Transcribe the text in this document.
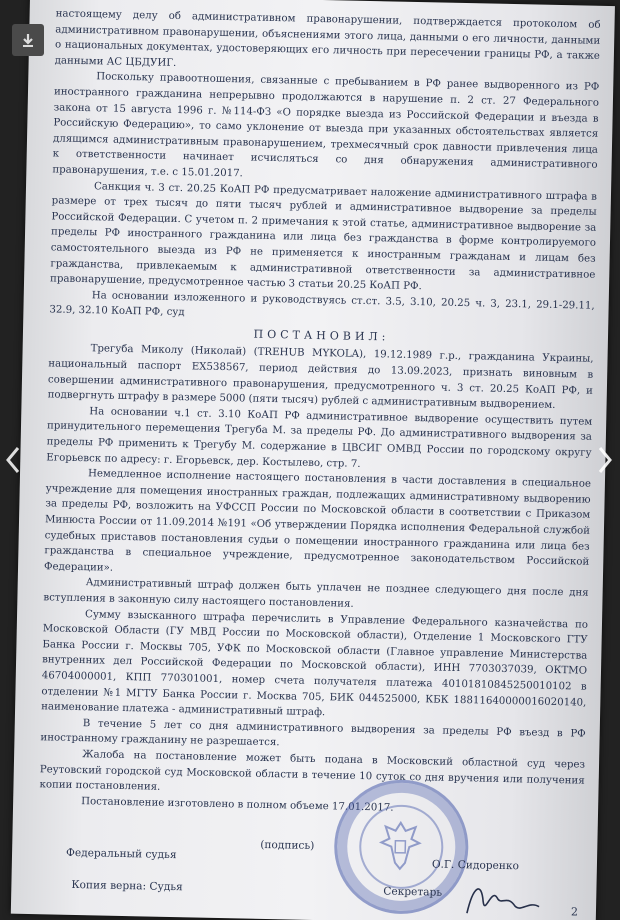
настоящему делу об административном правонарушении, подтверждается протоколом об административном правонарушении, объяснениями этого лица, данными о его личности, данными о национальных документах, удостоверяющих его личность при пересечении границы РФ, а также данными АС ЦБДУИГ.

Поскольку правоотношения, связанные с пребыванием в РФ ранее выдворенного из РФ иностранного гражданина непрерывно продолжаются в нарушение п. 2 ст. 27 Федерального закона от 15 августа 1996 г. №114-ФЗ «О порядке выезда из Российской Федерации и въезда в Российскую Федерацию», то само уклонение от выезда при указанных обстоятельствах является длящимся административным правонарушением, трехмесячный срок давности привлечения лица к ответственности начинает исчисляться со дня обнаружения административного правонарушения, т.е. с 15.01.2017.

Санкция ч. 3 ст. 20.25 КоАП РФ предусматривает наложение административного штрафа в размере от трех тысяч до пяти тысяч рублей и административное выдворение за пределы Российской Федерации. С учетом п. 2 примечания к этой статье, административное выдворение за пределы РФ иностранного гражданина или лица без гражданства в форме контролируемого самостоятельного выезда из РФ не применяется к иностранным гражданам и лицам без гражданства, привлекаемым к административной ответственности за административное правонарушение, предусмотренное частью 3 статьи 20.25 КоАП РФ.

На основании изложенного и руководствуясь ст.ст. 3.5, 3.10, 20.25 ч. 3, 23.1, 29.1-29.11, 32.9, 32.10 КоАП РФ, суд

ПОСТАНОВИЛ:

Трегуба Миколу (Николай) (TREHUB MYKOLA), 19.12.1989 г.р., гражданина Украины, национальный паспорт EX538567, период действия до 13.09.2023, признать виновным в совершении административного правонарушения, предусмотренного ч. 3 ст. 20.25 КоАП РФ, и подвергнуть штрафу в размере 5000 (пяти тысяч) рублей с административным выдворением.

На основании ч.1 ст. 3.10 КоАП РФ административное выдворение осуществить путем принудительного перемещения Трегуба М. за пределы РФ. До административного выдворения за пределы РФ применить к Трегубу М. содержание в ЦВСИГ ОМВД России по городскому округу Егорьевск по адресу: г. Егорьевск, дер. Костылево, стр. 7.

Немедленное исполнение настоящего постановления в части доставления в специальное учреждение для помещения иностранных граждан, подлежащих административному выдворению за пределы РФ, возложить на УФССП России по Московской области в соответствии с Приказом Минюста России от 11.09.2014 №191 «Об утверждении Порядка исполнения Федеральной службой судебных приставов постановления судьи о помещении иностранного гражданина или лица без гражданства в специальное учреждение, предусмотренное законодательством Российской Федерации».

Административный штраф должен быть уплачен не позднее следующего дня после дня вступления в законную силу настоящего постановления.

Сумму взысканного штрафа перечислить в Управление Федерального казначейства по Московской Области (ГУ МВД России по Московской области), Отделение 1 Московского ГТУ Банка России г. Москвы 705, УФК по Московской области (Главное управление Министерства внутренних дел Российской Федерации по Московской области), ИНН 7703037039, ОКТМО 46704000001, КПП 770301001, номер счета получателя платежа 40101810845250010102 в отделении №1 МГТУ Банка России г. Москва 705, БИК 044525000, КБК 18811640000016020140, наименование платежа - административный штраф.

В течение 5 лет со дня административного выдворения за пределы РФ въезд в РФ иностранному гражданину не разрешается.

Жалоба на постановление может быть подана в Московский областной суд через Реутовский городской суд Московской области в течение 10 суток со дня вручения или получения копии постановления.

Постановление изготовлено в полном объеме 17.01.2017.

Федеральный судья
(подпись)
О.Г. Сидоренко
Копия верна: Судья	Секретарь
2
